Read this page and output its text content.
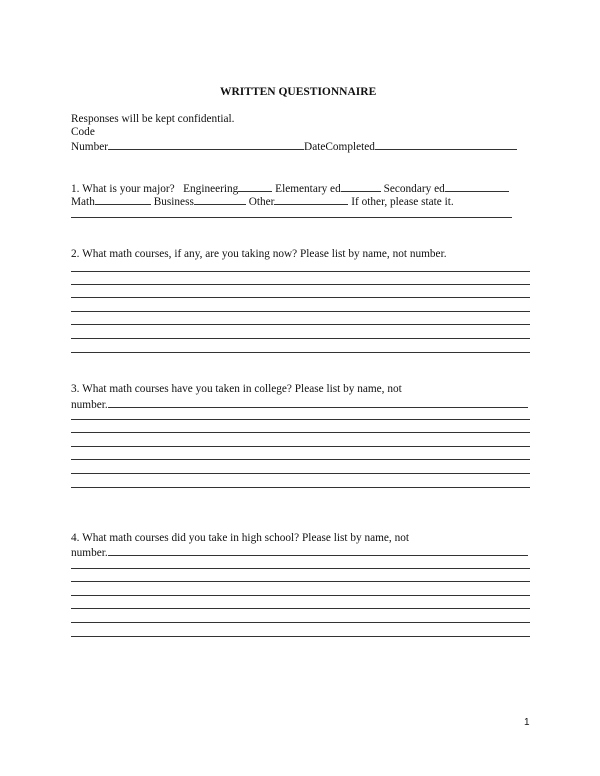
WRITTEN QUESTIONNAIRE
Responses will be kept confidential.
Code
Number	DateCompleted
1. What is your major? Engineering	Elementary ed	Secondary ed
Math	Business	Other	If other, please state it.
2. What math courses, if any, are you taking now? Please list by name, not number.
3. What math courses have you taken in college? Please list by name, not
number.
4. What math courses did you take in high school? Please list by name, not
number.
1
